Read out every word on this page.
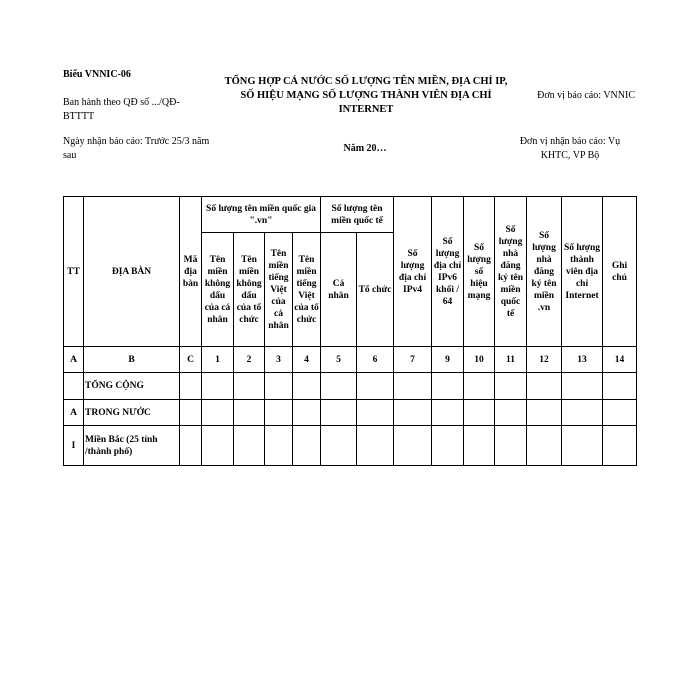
Biểu VNNIC-06
Ban hành theo QĐ số .../QĐ-BTTTT
Ngày nhận báo cáo: Trước 25/3 năm sau
TỔNG HỢP CẢ NƯỚC SỐ LƯỢNG TÊN MIỀN, ĐỊA CHỈ IP, SỐ HIỆU MẠNG SỐ LƯỢNG THÀNH VIÊN ĐỊA CHỈ INTERNET
Năm 20…
Đơn vị báo cáo: VNNIC
Đơn vị nhận báo cáo: Vụ KHTC, VP Bộ
TT	ĐỊA BÀN	Mã địa bàn	Số lượng tên miền quốc gia ".vn"				Số lượng tên miền quốc tế		Số lượng địa chỉ IPv4	Số lượng địa chỉ IPv6 khối / 64	Số lượng số hiệu mạng	Số lượng nhà đăng ký tên miền quốc tế	Số lượng nhà đăng ký tên miền .vn	Số lượng thành viên địa chỉ Internet	Ghi chú
			Tên miền không dấu của cá nhân	Tên miền không dấu của tổ chức	Tên miền tiếng Việt của cá nhân	Tên miền tiếng Việt của tổ chức	Cá nhân	Tổ chức							
A	B	C	1	2	3	4	5	6	7	9	10	11	12	13	14
	TỔNG CỘNG														
A	TRONG NƯỚC														
I	Miền Bắc (25 tỉnh /thành phố)														
